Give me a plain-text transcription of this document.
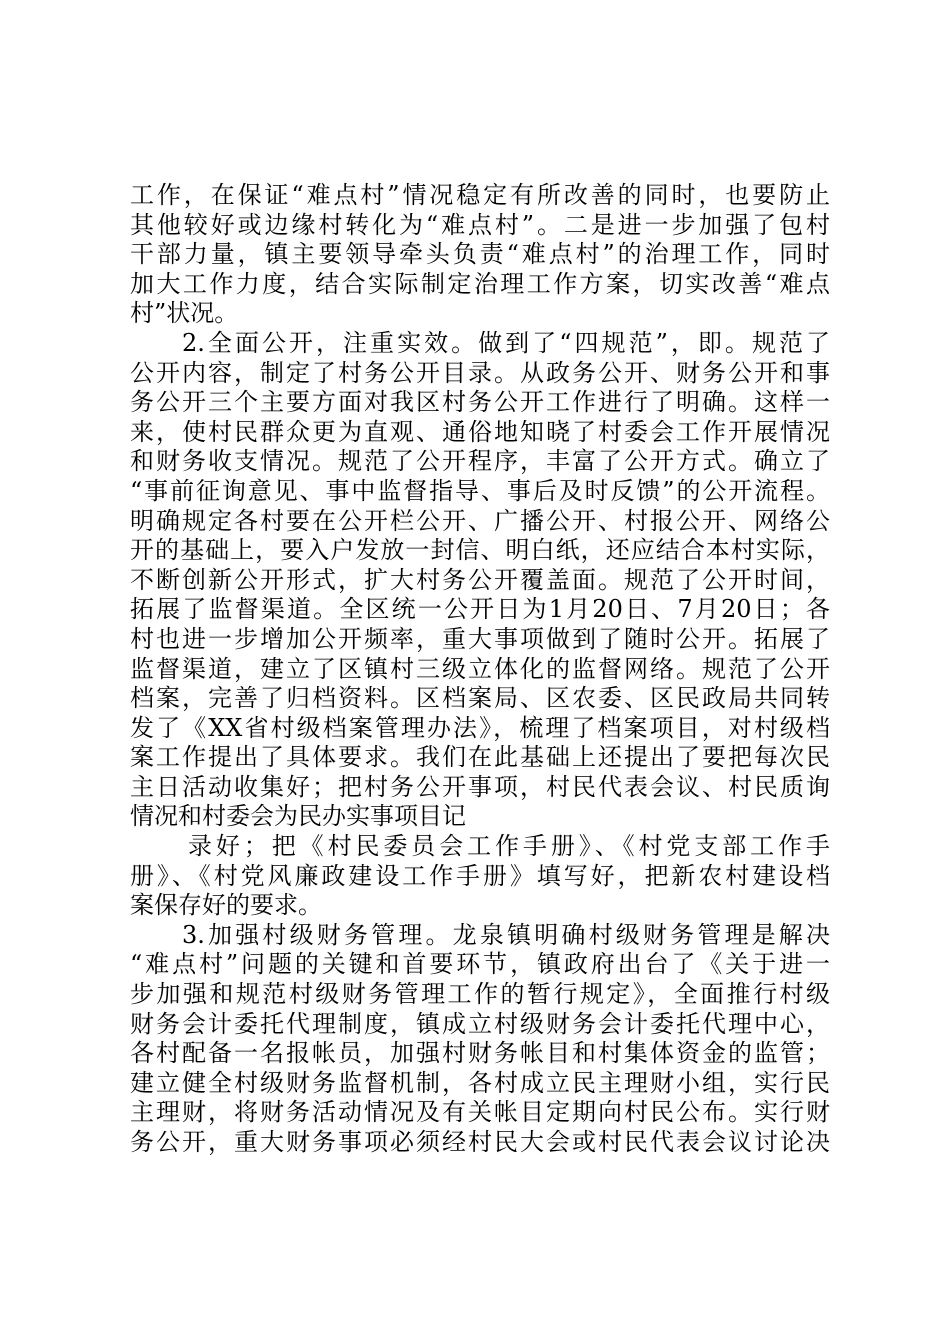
工作，在保证“难点村”情况稳定有所改善的同时，也要防止
其他较好或边缘村转化为“难点村”。二是进一步加强了包村
干部力量，镇主要领导牵头负责“难点村”的治理工作，同时
加大工作力度，结合实际制定治理工作方案，切实改善“难点
村”状况。
2.全面公开，注重实效。做到了“四规范”，即。规范了
公开内容，制定了村务公开目录。从政务公开、财务公开和事
务公开三个主要方面对我区村务公开工作进行了明确。这样一
来，使村民群众更为直观、通俗地知晓了村委会工作开展情况
和财务收支情况。规范了公开程序，丰富了公开方式。确立了
“事前征询意见、事中监督指导、事后及时反馈”的公开流程。
明确规定各村要在公开栏公开、广播公开、村报公开、网络公
开的基础上，要入户发放一封信、明白纸，还应结合本村实际，
不断创新公开形式，扩大村务公开覆盖面。规范了公开时间，
拓展了监督渠道。全区统一公开日为1月20日、7月20日；各
村也进一步增加公开频率，重大事项做到了随时公开。拓展了
监督渠道，建立了区镇村三级立体化的监督网络。规范了公开
档案，完善了归档资料。区档案局、区农委、区民政局共同转
发了《XX省村级档案管理办法》，梳理了档案项目，对村级档
案工作提出了具体要求。我们在此基础上还提出了要把每次民
主日活动收集好；把村务公开事项，村民代表会议、村民质询
情况和村委会为民办实事项目记
录好；把《村民委员会工作手册》、《村党支部工作手
册》、《村党风廉政建设工作手册》填写好，把新农村建设档
案保存好的要求。
3.加强村级财务管理。龙泉镇明确村级财务管理是解决
“难点村”问题的关键和首要环节，镇政府出台了《关于进一
步加强和规范村级财务管理工作的暂行规定》，全面推行村级
财务会计委托代理制度，镇成立村级财务会计委托代理中心，
各村配备一名报帐员，加强村财务帐目和村集体资金的监管；
建立健全村级财务监督机制，各村成立民主理财小组，实行民
主理财，将财务活动情况及有关帐目定期向村民公布。实行财
务公开，重大财务事项必须经村民大会或村民代表会议讨论决
